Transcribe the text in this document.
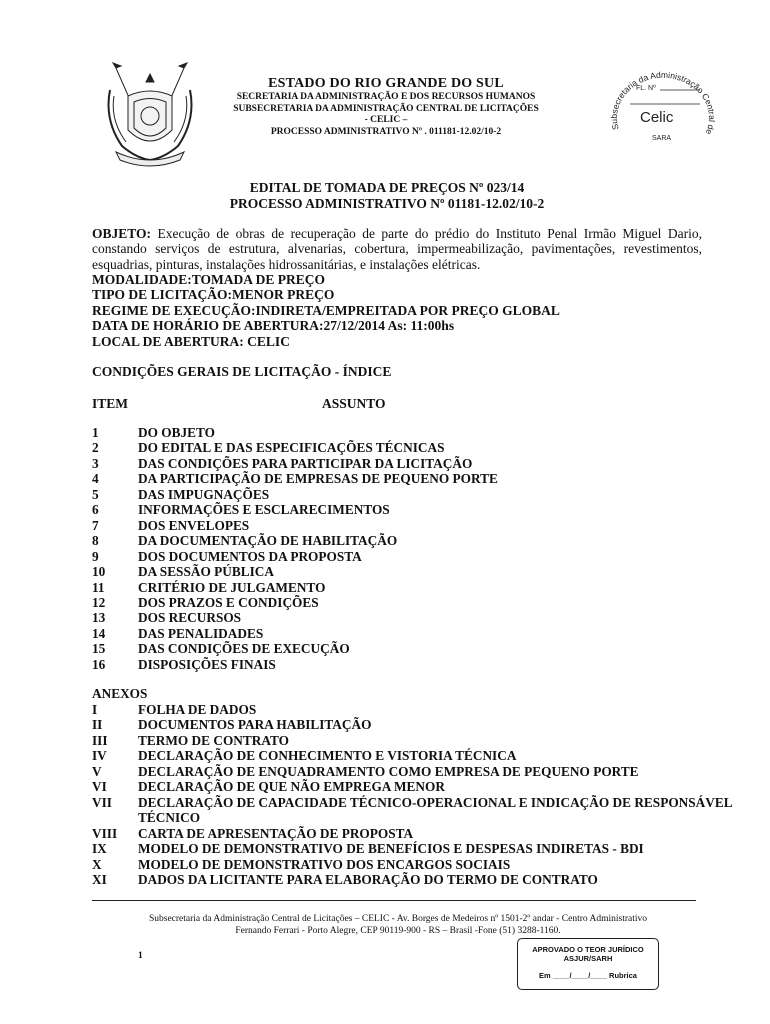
ESTADO DO RIO GRANDE DO SUL
SECRETARIA DA ADMINISTRAÇÃO E DOS RECURSOS HUMANOS
SUBSECRETARIA DA ADMINISTRAÇÃO CENTRAL DE LICITAÇÕES
- CELIC –
PROCESSO ADMINISTRATIVO Nº . 011181-12.02/10-2	Subsecretaria da Administração Central de
FL. Nº
Celic
SARA
EDITAL DE TOMADA DE PREÇOS Nº 023/14
PROCESSO ADMINISTRATIVO Nº 01181-12.02/10-2
OBJETO: Execução de obras de recuperação de parte do prédio do Instituto Penal Irmão Miguel Dario, constando serviços de estrutura, alvenarias, cobertura, impermeabilização, pavimentações, revestimentos, esquadrias, pinturas, instalações hidrossanitárias, e instalações elétricas.
MODALIDADE:TOMADA DE PREÇO
TIPO DE LICITAÇÃO:MENOR PREÇO
REGIME DE EXECUÇÃO:INDIRETA/EMPREITADA POR PREÇO GLOBAL
DATA DE HORÁRIO DE ABERTURA:27/12/2014 As: 11:00hs
LOCAL DE ABERTURA: CELIC
CONDIÇÕES GERAIS DE LICITAÇÃO - ÍNDICE
ITEM	ASSUNTO
1	DO OBJETO
2	DO EDITAL E DAS ESPECIFICAÇÕES TÉCNICAS
3	DAS CONDIÇÕES PARA PARTICIPAR DA LICITAÇÃO
4	DA PARTICIPAÇÃO DE EMPRESAS DE PEQUENO PORTE
5	DAS IMPUGNAÇÕES
6	INFORMAÇÕES E ESCLARECIMENTOS
7	DOS ENVELOPES
8	DA DOCUMENTAÇÃO DE HABILITAÇÃO
9	DOS DOCUMENTOS DA PROPOSTA
10	DA SESSÃO PÚBLICA
11	CRITÉRIO DE JULGAMENTO
12	DOS PRAZOS E CONDIÇÕES
13	DOS RECURSOS
14	DAS PENALIDADES
15	DAS CONDIÇÕES DE EXECUÇÃO
16	DISPOSIÇÕES FINAIS
ANEXOS
I	FOLHA DE DADOS
II	DOCUMENTOS PARA HABILITAÇÃO
III	TERMO DE CONTRATO
IV	DECLARAÇÃO DE CONHECIMENTO E VISTORIA TÉCNICA
V	DECLARAÇÃO DE ENQUADRAMENTO COMO EMPRESA DE PEQUENO PORTE
VI	DECLARAÇÃO DE QUE NÃO EMPREGA MENOR
VII	DECLARAÇÃO DE CAPACIDADE TÉCNICO-OPERACIONAL E INDICAÇÃO DE RESPONSÁVEL TÉCNICO
VIII	CARTA DE APRESENTAÇÃO DE PROPOSTA
IX	MODELO DE DEMONSTRATIVO DE BENEFÍCIOS E DESPESAS INDIRETAS - BDI
X	MODELO DE DEMONSTRATIVO DOS ENCARGOS SOCIAIS
XI	DADOS DA LICITANTE PARA ELABORAÇÃO DO TERMO DE CONTRATO
Subsecretaria da Administração Central de Licitações – CELIC - Av. Borges de Medeiros nº 1501-2º andar - Centro Administrativo
Fernando Ferrari - Porto Alegre, CEP 90119-900 - RS – Brasil -Fone (51) 3288-1160.
1
APROVADO O TEOR JURÍDICO
ASJUR/SARH
Em ____/____/____ Rubrica
